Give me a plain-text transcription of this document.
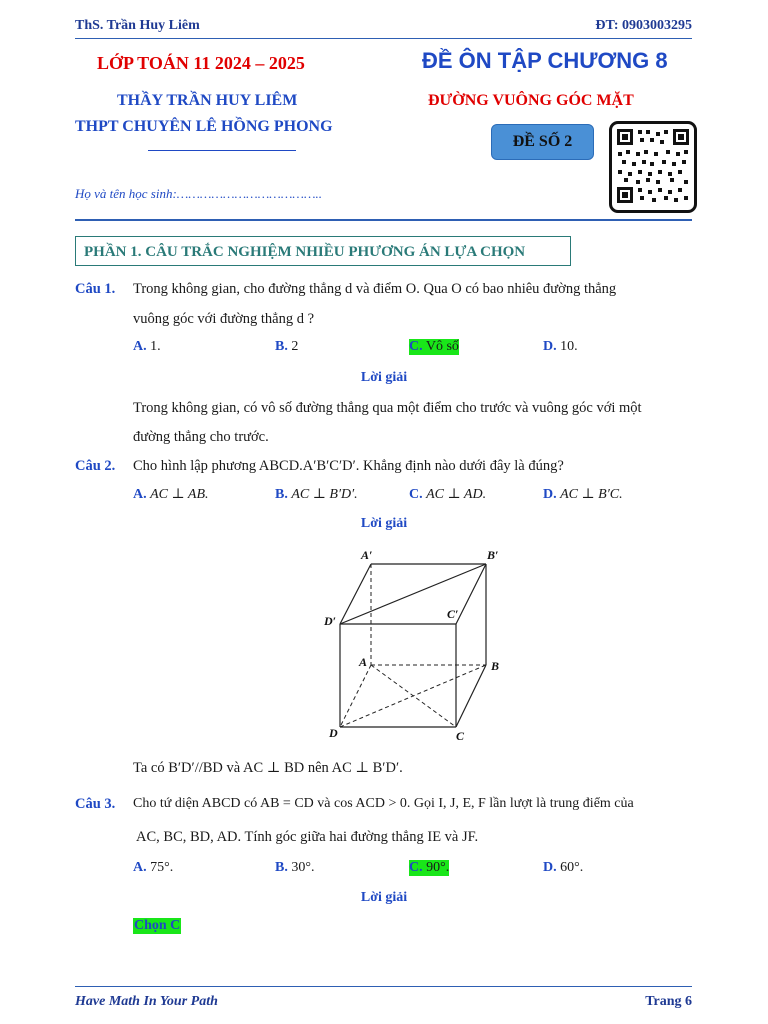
ThS. Trần Huy Liêm	ĐT: 0903003295
LỚP TOÁN 11 2024 – 2025
THẦY TRẦN HUY LIÊM
THPT CHUYÊN LÊ HỒNG PHONG
ĐỀ ÔN TẬP CHƯƠNG 8
ĐƯỜNG VUÔNG GÓC MẶT
ĐỀ SỐ 2
Họ và tên học sinh:………………………………..
PHẦN 1. CÂU TRẮC NGHIỆM NHIỀU PHƯƠNG ÁN LỰA CHỌN
Câu 1. Trong không gian, cho đường thẳng d và điểm O. Qua O có bao nhiêu đường thẳng
vuông góc với đường thẳng d ?
A. 1.	B. 2	C. Vô số	D. 10.
Lời giải
Trong không gian, có vô số đường thẳng qua một điểm cho trước và vuông góc với một
đường thẳng cho trước.
Câu 2. Cho hình lập phương ABCD.A′B′C′D′. Khẳng định nào dưới đây là đúng?
A. AC ⊥ AB.	B. AC ⊥ B′D′.	C. AC ⊥ AD.	D. AC ⊥ B′C.
Lời giải
A′	B′
C′
D′
A	B
C
D
Ta có B′D′//BD và AC ⊥ BD nên AC ⊥ B′D′.
Câu 3. Cho tứ diện ABCD có AB = CD và cos ACD > 0. Gọi I, J, E, F lần lượt là trung điểm của
AC, BC, BD, AD. Tính góc giữa hai đường thẳng IE và JF.
A. 75°.	B. 30°.	C. 90°.	D. 60°.
Lời giải
Chọn C
Have Math In Your Path	Trang 6
